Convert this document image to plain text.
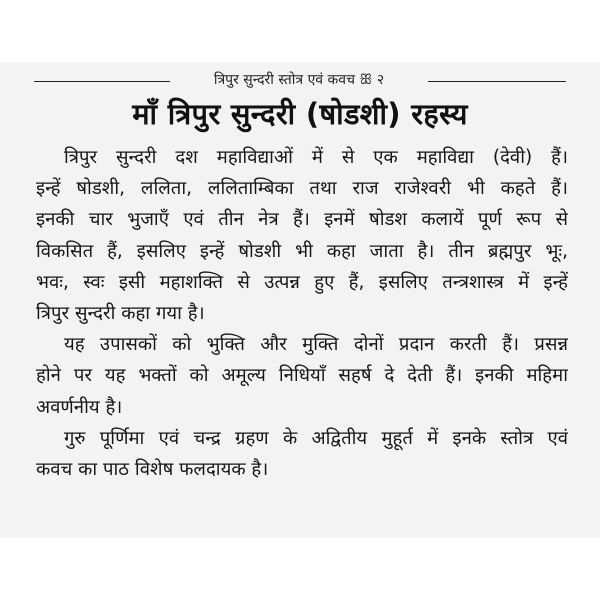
त्रिपुर सुन्दरी स्तोत्र एवं कवच ꕥ २
माँ त्रिपुर सुन्दरी (षोडशी) रहस्य
त्रिपुर सुन्दरी दश महाविद्याओं में से एक महाविद्या (देवी) हैं।
इन्हें षोडशी, ललिता, ललिताम्बिका तथा राज राजेश्वरी भी कहते हैं।
इनकी चार भुजाएँ एवं तीन नेत्र हैं। इनमें षोडश कलायें पूर्ण रूप से
विकसित हैं, इसलिए इन्हें षोडशी भी कहा जाता है। तीन ब्रह्मपुर भूः,
भवः, स्वः इसी महाशक्ति से उत्पन्न हुए हैं, इसलिए तन्त्रशास्त्र में इन्हें
त्रिपुर सुन्दरी कहा गया है।
यह उपासकों को भुक्ति और मुक्ति दोनों प्रदान करती हैं। प्रसन्न
होने पर यह भक्तों को अमूल्य निधियाँ सहर्ष दे देती हैं। इनकी महिमा
अवर्णनीय है।
गुरु पूर्णिमा एवं चन्द्र ग्रहण के अद्वितीय मुहूर्त में इनके स्तोत्र एवं
कवच का पाठ विशेष फलदायक है।
